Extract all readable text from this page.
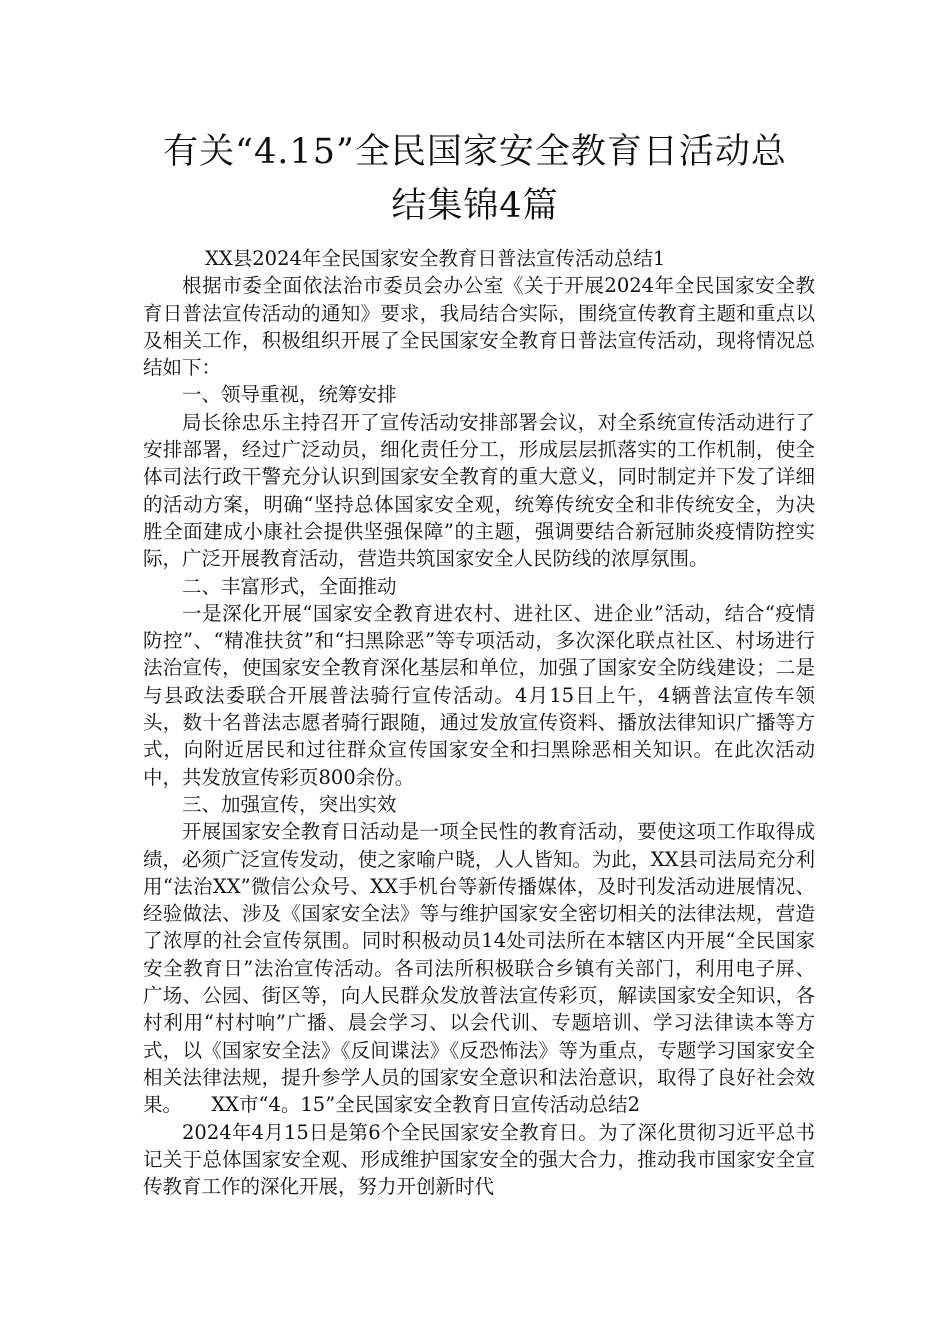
有关“4.15”全民国家安全教育日活动总
结集锦4篇

XX县2024年全民国家安全教育日普法宣传活动总结1

根据市委全面依法治市委员会办公室《关于开展2024年全民国家安全教育日普法宣传活动的通知》要求，我局结合实际，围绕宣传教育主题和重点以及相关工作，积极组织开展了全民国家安全教育日普法宣传活动，现将情况总结如下：

一、领导重视，统筹安排

局长徐忠乐主持召开了宣传活动安排部署会议，对全系统宣传活动进行了安排部署，经过广泛动员，细化责任分工，形成层层抓落实的工作机制，使全体司法行政干警充分认识到国家安全教育的重大意义，同时制定并下发了详细的活动方案，明确“坚持总体国家安全观，统筹传统安全和非传统安全，为决胜全面建成小康社会提供坚强保障”的主题，强调要结合新冠肺炎疫情防控实际，广泛开展教育活动，营造共筑国家安全人民防线的浓厚氛围。

二、丰富形式，全面推动

一是深化开展“国家安全教育进农村、进社区、进企业”活动，结合“疫情防控”、“精准扶贫”和“扫黑除恶”等专项活动，多次深化联点社区、村场进行法治宣传，使国家安全教育深化基层和单位，加强了国家安全防线建设；二是与县政法委联合开展普法骑行宣传活动。4月15日上午，4辆普法宣传车领头，数十名普法志愿者骑行跟随，通过发放宣传资料、播放法律知识广播等方式，向附近居民和过往群众宣传国家安全和扫黑除恶相关知识。在此次活动中，共发放宣传彩页800余份。

三、加强宣传，突出实效

开展国家安全教育日活动是一项全民性的教育活动，要使这项工作取得成绩，必须广泛宣传发动，使之家喻户晓，人人皆知。为此，XX县司法局充分利用“法治XX”微信公众号、XX手机台等新传播媒体，及时刊发活动进展情况、经验做法、涉及《国家安全法》等与维护国家安全密切相关的法律法规，营造了浓厚的社会宣传氛围。同时积极动员14处司法所在本辖区内开展“全民国家安全教育日”法治宣传活动。各司法所积极联合乡镇有关部门，利用电子屏、广场、公园、街区等，向人民群众发放普法宣传彩页，解读国家安全知识，各村利用“村村响”广播、晨会学习、以会代训、专题培训、学习法律读本等方式，以《国家安全法》《反间谍法》《反恐怖法》等为重点，专题学习国家安全相关法律法规，提升参学人员的国家安全意识和法治意识，取得了良好社会效果。　　XX市“4。15”全民国家安全教育日宣传活动总结2

2024年4月15日是第6个全民国家安全教育日。为了深化贯彻习近平总书记关于总体国家安全观、形成维护国家安全的强大合力，推动我市国家安全宣传教育工作的深化开展，努力开创新时代
